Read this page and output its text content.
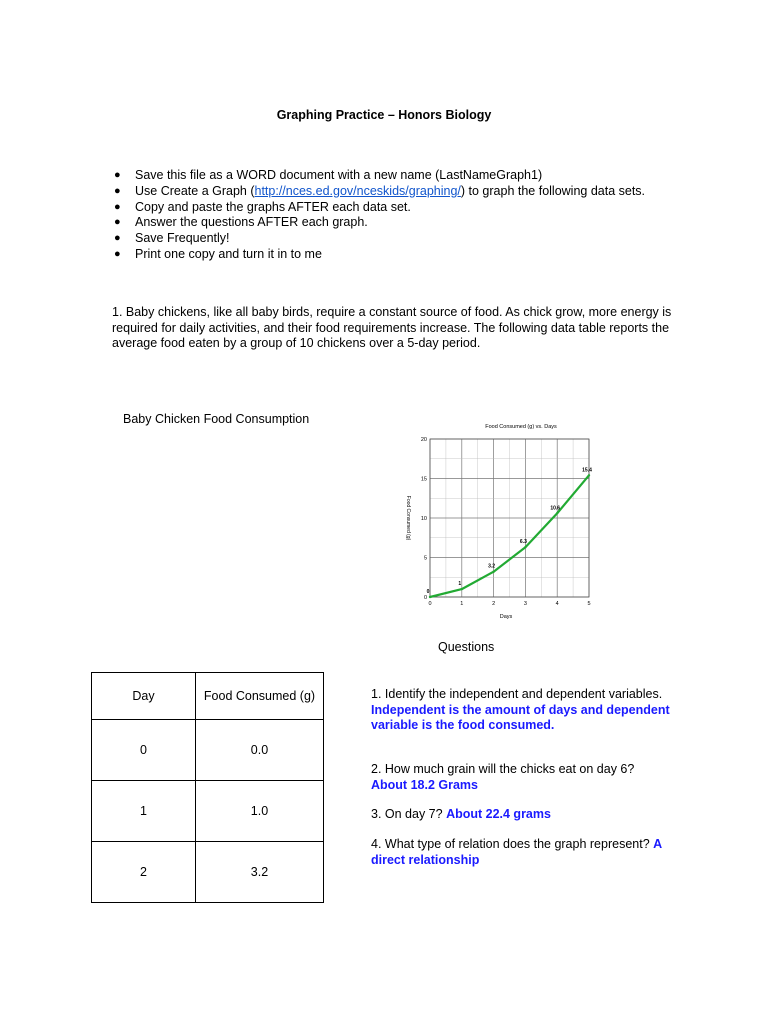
Graphing Practice – Honors Biology
● Save this file as a WORD document with a new name (LastNameGraph1)
● Use Create a Graph (http://nces.ed.gov/nceskids/graphing/) to graph the following data sets.
● Copy and paste the graphs AFTER each data set.
● Answer the questions AFTER each graph.
● Save Frequently!
● Print one copy and turn it in to me
1. Baby chickens, like all baby birds, require a constant source of food. As chick grow, more energy is required for daily activities, and their food requirements increase. The following data table reports the average food eaten by a group of 10 chickens over a 5-day period.
Baby Chicken Food Consumption
Food Consumed (g) vs. Days
0	1	2	3	4	5
0
5
10
15
20
0
1
3.2
6.3
10.6
15.4
Days
Food Consumed (g)
Questions
Day	Food Consumed (g)
0	0.0
1	1.0
2	3.2
1. Identify the independent and dependent variables. Independent is the amount of days and dependent variable is the food consumed.
2. How much grain will the chicks eat on day 6? About 18.2 Grams
3. On day 7? About 22.4 grams
4. What type of relation does the graph represent? A direct relationship
